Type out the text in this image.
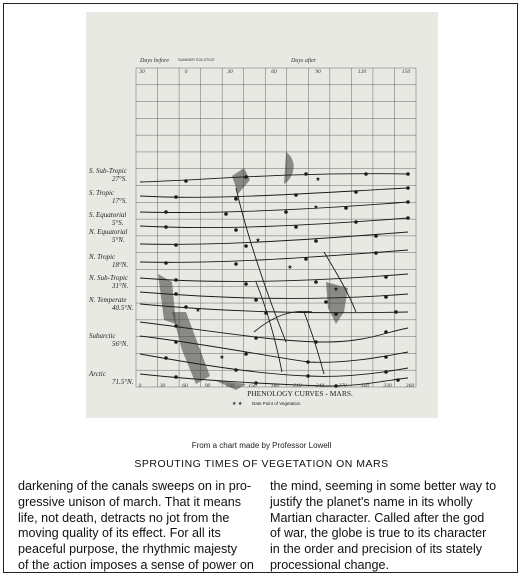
★
★
★
★
★
★
★
★
S. Sub-Tropic
27°S.
S. Tropic
17°S.
S. Equatorial
5°S.
N. Equatorial
5°N.
N. Tropic
18°N.
N. Sub-Tropic
31°N.
N. Temperate
40.5°N.
Subarctic
56°N.
Arctic
71.5°N.
30	0	30	60	90	120	150
0	30	60	90	120	150	180	210	240	270	300	330	360
Days before	Days after
SUMMER SOLSTICE
PHENOLOGY CURVES - MARS.
★ ★ Date Point of Vegetation
From a chart made by Professor Lowell
SPROUTING TIMES OF VEGETATION ON MARS
darkening of the canals sweeps on in pro-
gressive unison of march. That it means
life, not death, detracts no jot from the
moving quality of its effect. For all its
peaceful purpose, the rhythmic majesty
of the action imposes a sense of power on
the mind, seeming in some better way to
justify the planet's name in its wholly
Martian character. Called after the god
of war, the globe is true to its character
in the order and precision of its stately
processional change.
